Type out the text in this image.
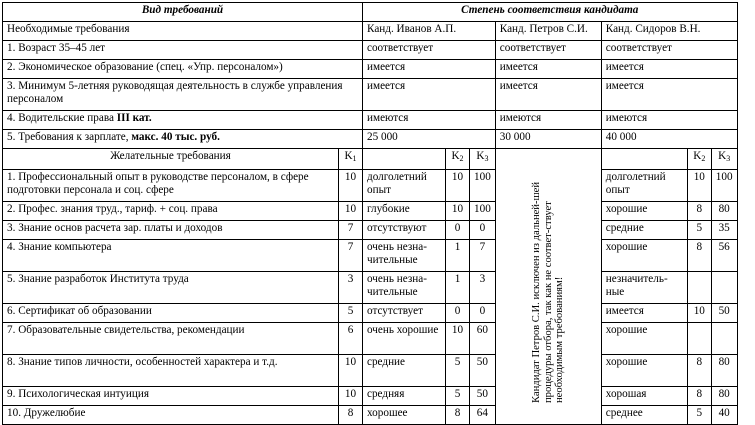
Вид требований		Степень соответствия кандидата						
Необходимые требования		Канд. Иванов А.П.			Канд. Петров С.И.	Канд. Сидоров В.Н.		
1. Возраст 35–45 лет		соответствует			соответствует	соответствует		
2. Экономическое образование (спец. «Упр. персоналом»)		имеется			имеется	имеется		
3. Минимум 5-летняя руководящая деятельность в службе управления персоналом		имеется			имеется	имеется		
4. Водительские права III кат.		имеются			имеются	имеются		
5. Требования к зарплате, макс. 40 тыс. руб.		25 000			30 000	40 000		
Желательные требования	$K_1$		$K_2$	$K_3$	Кандидат Петров С.И. исключен из дальней-шей процедуры отбора, так как не соответ-ствует необходимым требованиям!		$K_2$	$K_3$
1. Профессиональный опыт в руководстве персоналом, в сфере подготовки персонала и соц. сфере	10	долголетний опыт	10	100		долголетний опыт	10	100
2. Профес. знания труд., тариф. + соц. права	10	глубокие	10	100		хорошие	8	80
3. Знание основ расчета зар. платы и доходов	7	отсутствуют	0	0		средние	5	35
4. Знание компьютера	7	очень незна-чительные	1	7		хорошие	8	56
5. Знание разработок Института труда	3	очень незна-чительные	1	3		незначитель-ные		
6. Сертификат об образовании	5	отсутствует	0	0		имеется	10	50
7. Образовательные свидетельства, рекомендации	6	очень хорошие	10	60		хорошие		
8. Знание типов личности, особенностей характера и т.д.	10	средние	5	50		хорошие	8	80
9. Психологическая интуиция	10	средняя	5	50		хорошая	8	80
10. Дружелюбие	8	хорошее	8	64		среднее	5	40
